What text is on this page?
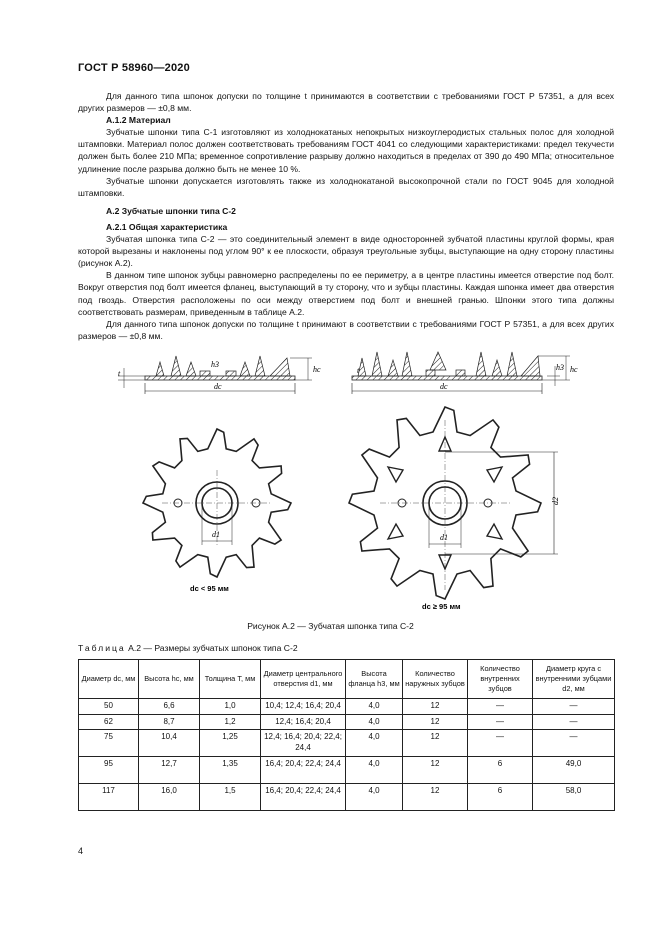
ГОСТ Р 58960—2020

Для данного типа шпонок допуски по толщине t принимаются в соответствии с требованиями ГОСТ Р 57351, а для всех других размеров — ±0,8 мм.

А.1.2 Материал

Зубчатые шпонки типа С-1 изготовляют из холоднокатаных непокрытых низкоуглеродистых стальных полос для холодной штамповки. Материал полос должен соответствовать требованиям ГОСТ 4041 со следующими характеристиками: предел текучести должен быть более 210 МПа; временное сопротивление разрыву должно находиться в пределах от 390 до 490 МПа; относительное удлинение после разрыва должно быть не менее 10 %.

Зубчатые шпонки допускается изготовлять также из холоднокатаной высокопрочной стали по ГОСТ 9045 для холодной штамповки.

А.2 Зубчатые шпонки типа С-2

А.2.1 Общая характеристика

Зубчатая шпонка типа С-2 — это соединительный элемент в виде односторонней зубчатой пластины круглой формы, края которой вырезаны и наклонены под углом 90° к ее плоскости, образуя треугольные зубцы, выступающие на одну сторону пластины (рисунок А.2).

В данном типе шпонок зубцы равномерно распределены по ее периметру, а в центре пластины имеется отверстие под болт. Вокруг отверстия под болт имеется фланец, выступающий в ту сторону, что и зубцы пластины. Каждая шпонка имеет два отверстия под гвоздь. Отверстия расположены по оси между отверстием под болт и внешней гранью. Шпонки этого типа должны соответствовать размерам, приведенным в таблице А.2.

Для данного типа шпонок допуски по толщине t принимают в соответствии с требованиями ГОСТ Р 57351, а для всех других размеров — ±0,8 мм.

t	hc
h3
dc
t	hc
h3
dc
d1
dc < 95 мм
d1
d2
dc ≥ 95 мм
Рисунок А.2 — Зубчатая шпонка типа С-2
Таблица А.2 — Размеры зубчатых шпонок типа С-2
Диаметр dc, мм	Высота hc, мм	Толщина T, мм	Диаметр центрального отверстия d1, мм	Высота фланца h3, мм	Количество наружных зубцов	Количество внутренних зубцов	Диаметр круга с внутренними зубцами d2, мм
50	6,6	1,0	10,4; 12,4; 16,4; 20,4	4,0	12	—	—
62	8,7	1,2	12,4; 16,4; 20,4	4,0	12	—	—
75	10,4	1,25	12,4; 16,4; 20,4; 22,4; 24,4	4,0	12	—	—
95	12,7	1,35	16,4; 20,4; 22,4; 24,4	4,0	12	6	49,0
117	16,0	1,5	16,4; 20,4; 22,4; 24,4	4,0	12	6	58,0
4
